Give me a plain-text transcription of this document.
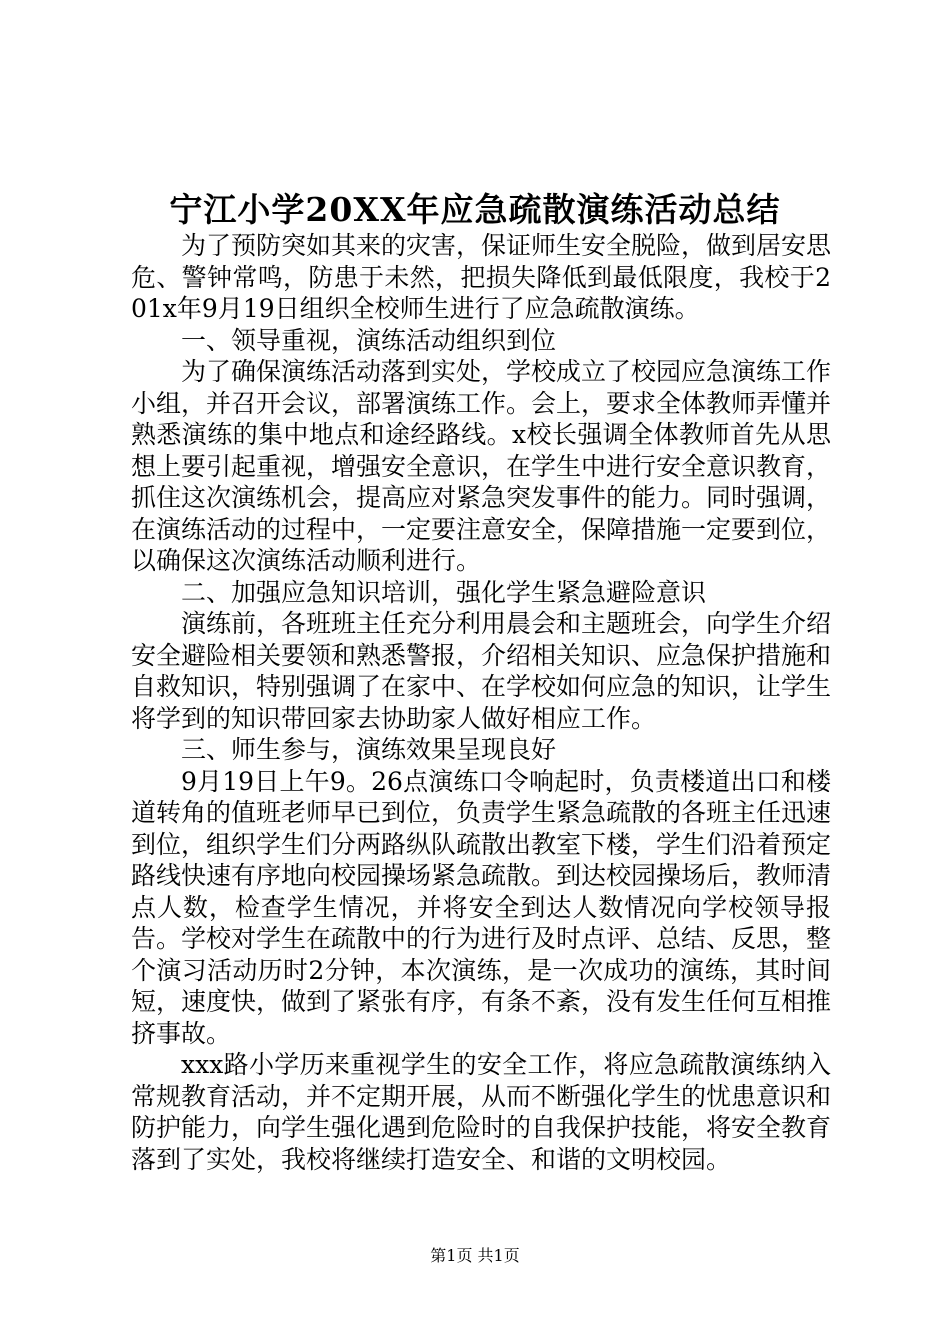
宁江小学20XX年应急疏散演练活动总结

为了预防突如其来的灾害，保证师生安全脱险，做到居安思危、警钟常鸣，防患于未然，把损失降低到最低限度，我校于201x年9月19日组织全校师生进行了应急疏散演练。

一、领导重视，演练活动组织到位

为了确保演练活动落到实处，学校成立了校园应急演练工作小组，并召开会议，部署演练工作。会上，要求全体教师弄懂并熟悉演练的集中地点和途经路线。x校长强调全体教师首先从思想上要引起重视，增强安全意识，在学生中进行安全意识教育，抓住这次演练机会，提高应对紧急突发事件的能力。同时强调，在演练活动的过程中，一定要注意安全，保障措施一定要到位，以确保这次演练活动顺利进行。

二、加强应急知识培训，强化学生紧急避险意识

演练前，各班班主任充分利用晨会和主题班会，向学生介绍安全避险相关要领和熟悉警报，介绍相关知识、应急保护措施和自救知识，特别强调了在家中、在学校如何应急的知识，让学生将学到的知识带回家去协助家人做好相应工作。

三、师生参与，演练效果呈现良好

9月19日上午9。26点演练口令响起时，负责楼道出口和楼道转角的值班老师早已到位，负责学生紧急疏散的各班主任迅速到位，组织学生们分两路纵队疏散出教室下楼，学生们沿着预定路线快速有序地向校园操场紧急疏散。到达校园操场后，教师清点人数，检查学生情况，并将安全到达人数情况向学校领导报告。学校对学生在疏散中的行为进行及时点评、总结、反思，整个演习活动历时2分钟，本次演练，是一次成功的演练，其时间短，速度快，做到了紧张有序，有条不紊，没有发生任何互相推挤事故。

xxx路小学历来重视学生的安全工作，将应急疏散演练纳入常规教育活动，并不定期开展，从而不断强化学生的忧患意识和防护能力，向学生强化遇到危险时的自我保护技能，将安全教育落到了实处，我校将继续打造安全、和谐的文明校园。

第1页 共1页
